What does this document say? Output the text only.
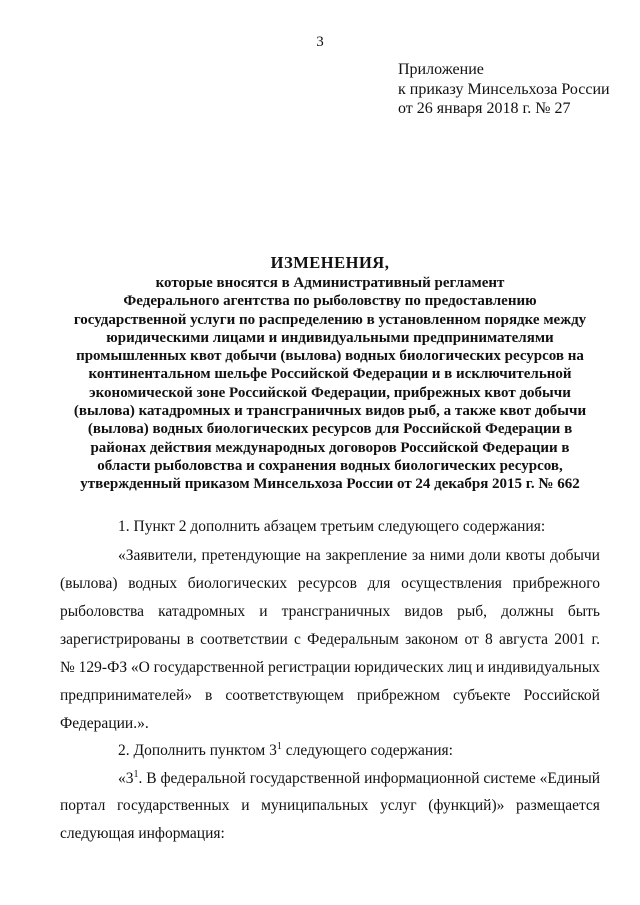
3
Приложение
к приказу Минсельхоза России
от 26 января 2018 г. № 27
ИЗМЕНЕНИЯ,
которые вносятся в Административный регламент
Федерального агентства по рыболовству по предоставлению
государственной услуги по распределению в установленном порядке между
юридическими лицами и индивидуальными предпринимателями
промышленных квот добычи (вылова) водных биологических ресурсов на
континентальном шельфе Российской Федерации и в исключительной
экономической зоне Российской Федерации, прибрежных квот добычи
(вылова) катадромных и трансграничных видов рыб, а также квот добычи
(вылова) водных биологических ресурсов для Российской Федерации в
районах действия международных договоров Российской Федерации в
области рыболовства и сохранения водных биологических ресурсов,
утвержденный приказом Минсельхоза России от 24 декабря 2015 г. № 662
1. Пункт 2 дополнить абзацем третьим следующего содержания:
«Заявители, претендующие на закрепление за ними доли квоты добычи
(вылова) водных биологических ресурсов для осуществления прибрежного
рыболовства катадромных и трансграничных видов рыб, должны быть
зарегистрированы в соответствии с Федеральным законом от 8 августа 2001 г.
№ 129-ФЗ «О государственной регистрации юридических лиц и индивидуальных
предпринимателей» в соответствующем прибрежном субъекте Российской
Федерации.».
2. Дополнить пунктом $3^1$ следующего содержания:
«$3^1$. В федеральной государственной информационной системе «Единый
портал государственных и муниципальных услуг (функций)» размещается
следующая информация:
